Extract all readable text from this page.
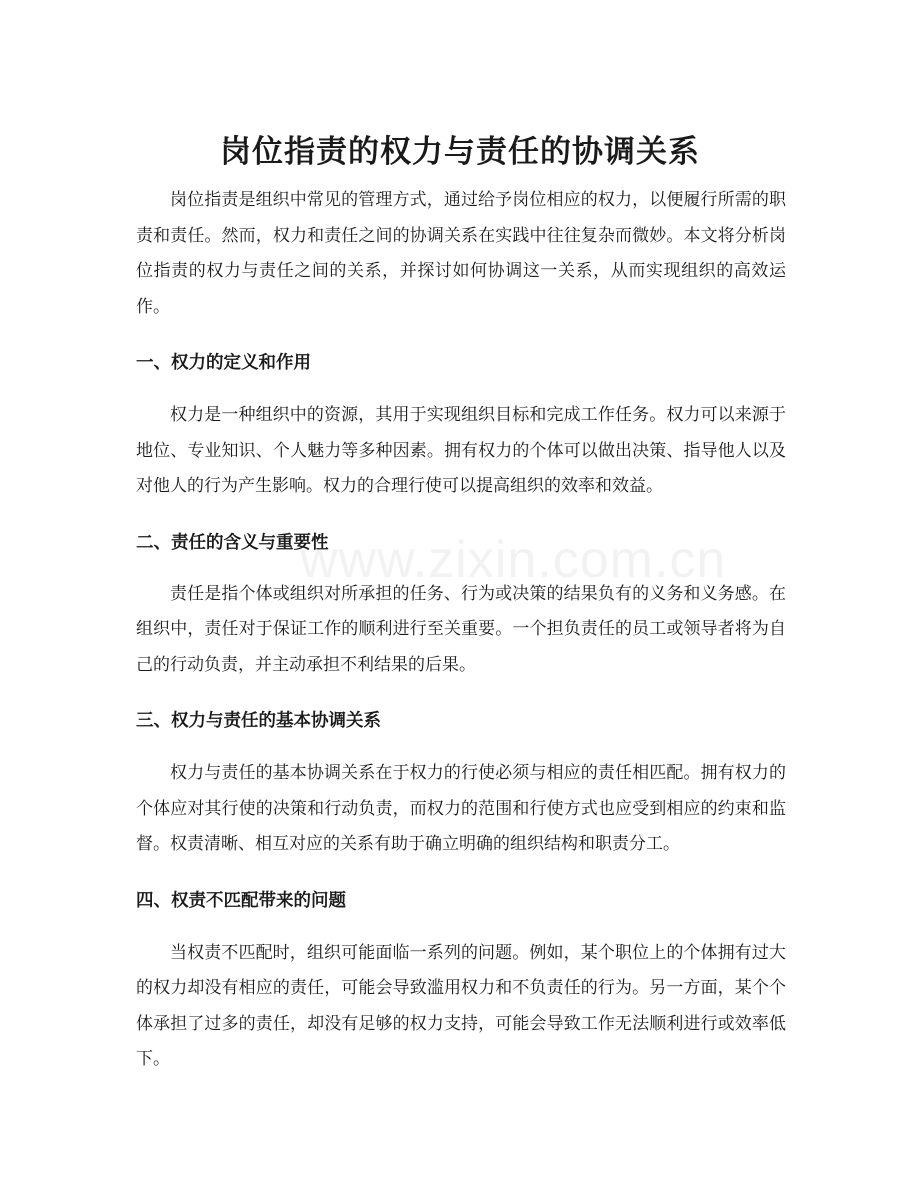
www.zixin.com.cn
岗位指责的权力与责任的协调关系

岗位指责是组织中常见的管理方式，通过给予岗位相应的权力，以便履行所需的职责和责任。然而，权力和责任之间的协调关系在实践中往往复杂而微妙。本文将分析岗位指责的权力与责任之间的关系，并探讨如何协调这一关系，从而实现组织的高效运作。

一、权力的定义和作用

权力是一种组织中的资源，其用于实现组织目标和完成工作任务。权力可以来源于地位、专业知识、个人魅力等多种因素。拥有权力的个体可以做出决策、指导他人以及对他人的行为产生影响。权力的合理行使可以提高组织的效率和效益。

二、责任的含义与重要性

责任是指个体或组织对所承担的任务、行为或决策的结果负有的义务和义务感。在组织中，责任对于保证工作的顺利进行至关重要。一个担负责任的员工或领导者将为自己的行动负责，并主动承担不利结果的后果。

三、权力与责任的基本协调关系

权力与责任的基本协调关系在于权力的行使必须与相应的责任相匹配。拥有权力的个体应对其行使的决策和行动负责，而权力的范围和行使方式也应受到相应的约束和监督。权责清晰、相互对应的关系有助于确立明确的组织结构和职责分工。

四、权责不匹配带来的问题

当权责不匹配时，组织可能面临一系列的问题。例如，某个职位上的个体拥有过大的权力却没有相应的责任，可能会导致滥用权力和不负责任的行为。另一方面，某个个体承担了过多的责任，却没有足够的权力支持，可能会导致工作无法顺利进行或效率低下。
